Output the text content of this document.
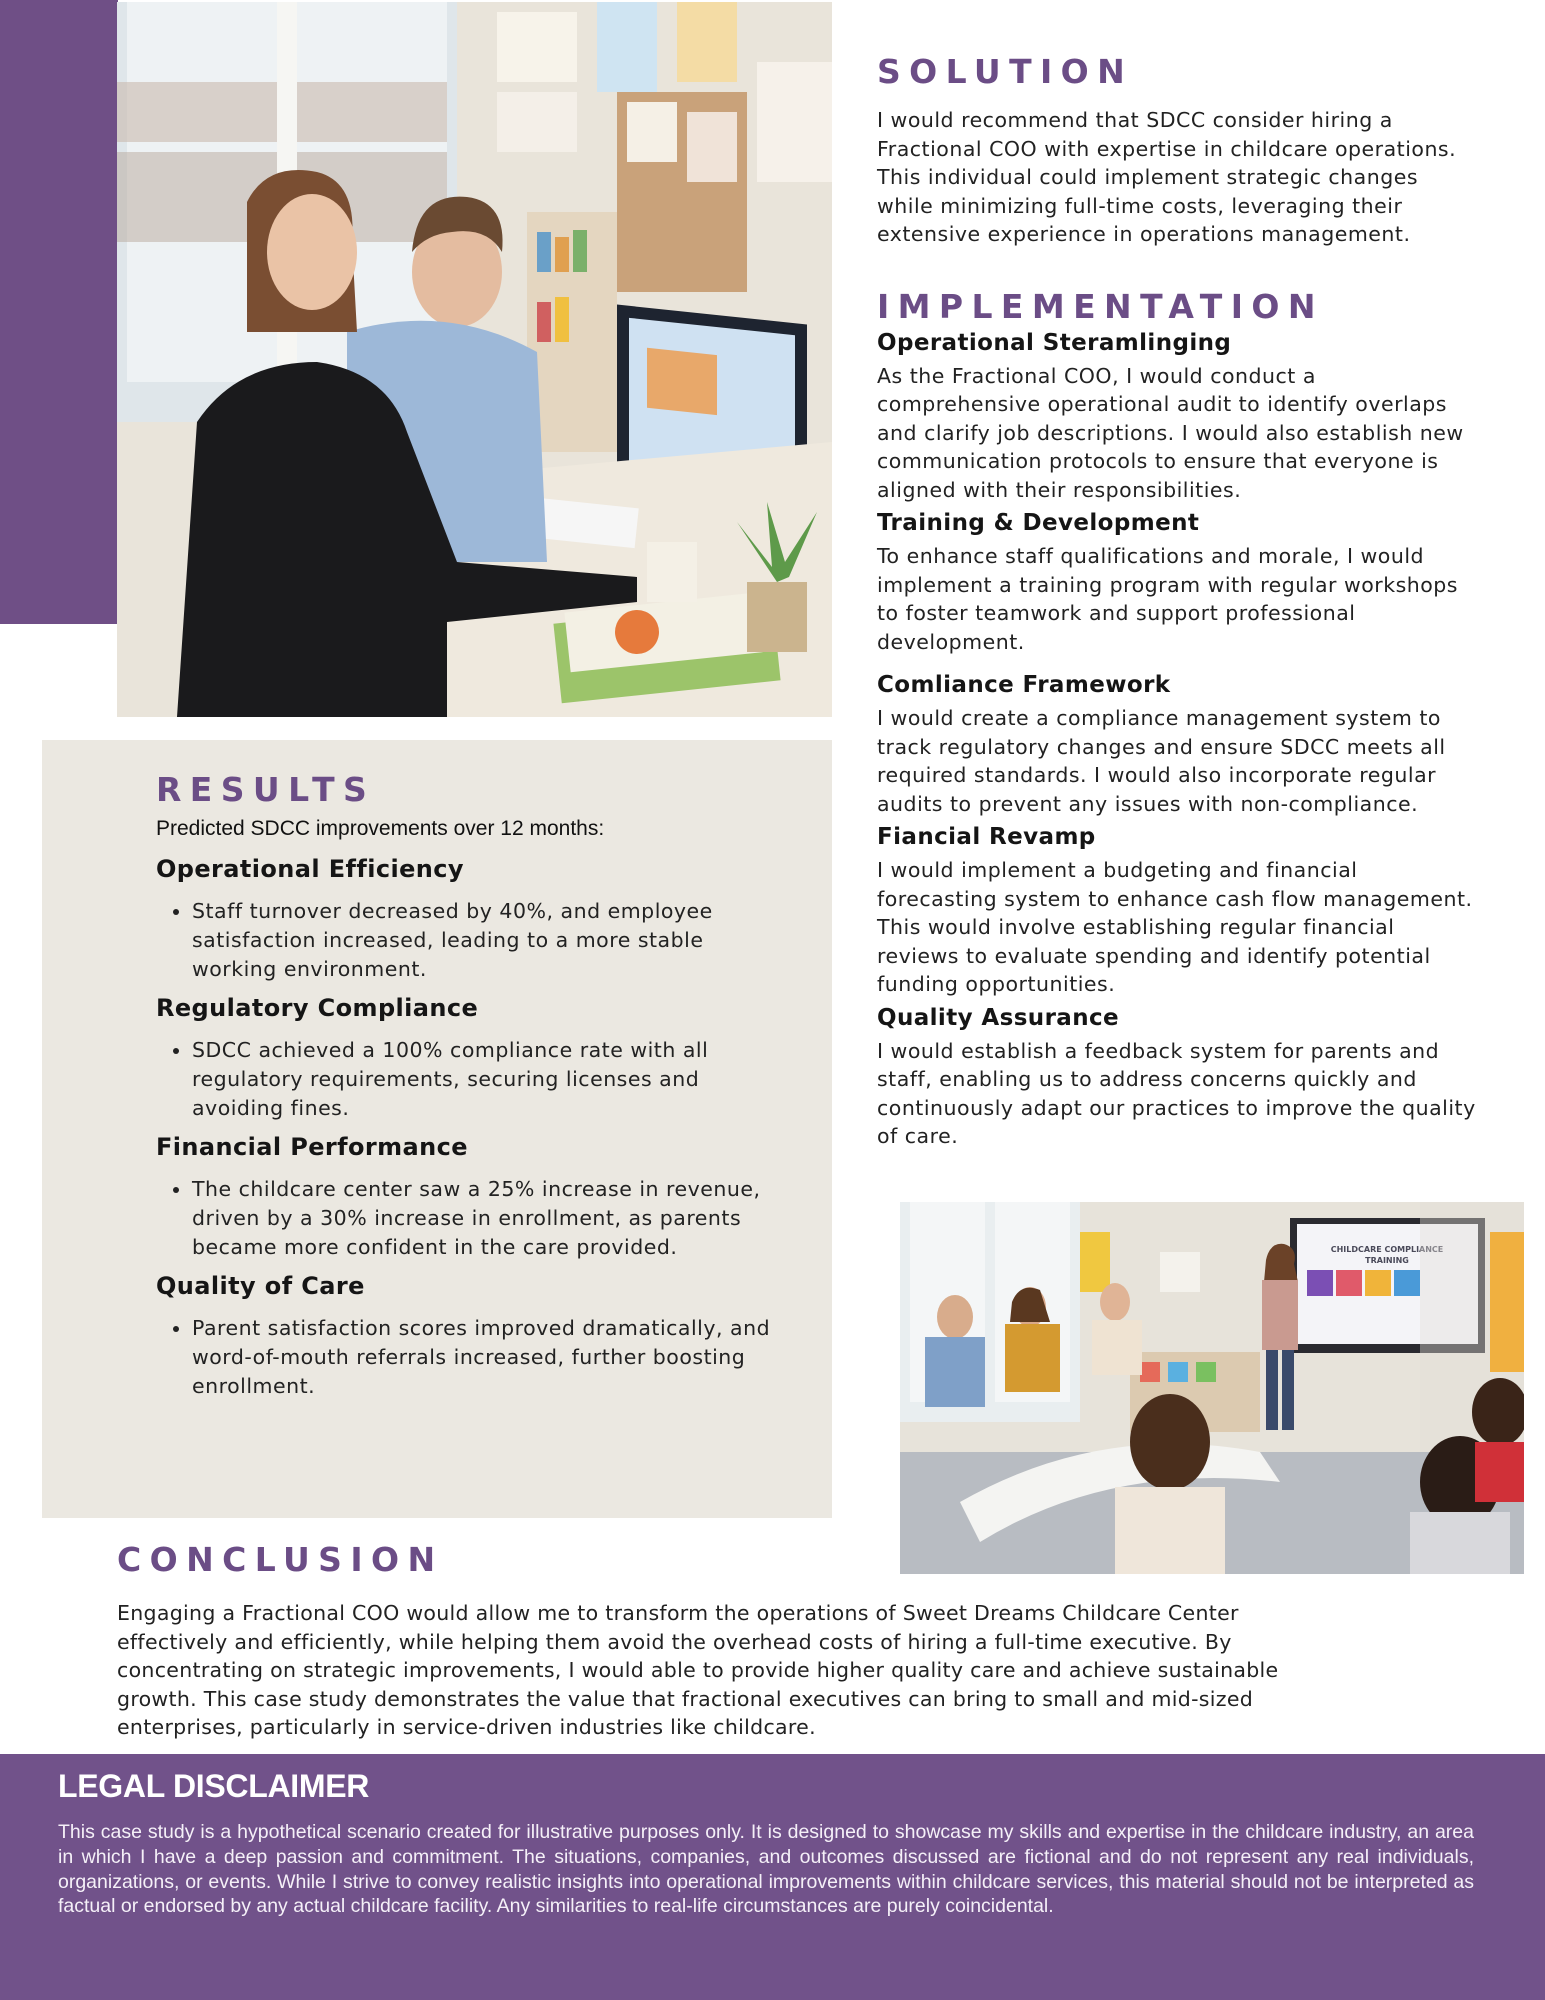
SOLUTION

I would recommend that SDCC consider hiring a Fractional COO with expertise in childcare operations. This individual could implement strategic changes while minimizing full-time costs, leveraging their extensive experience in operations management.

IMPLEMENTATION
Operational Steramlinging

As the Fractional COO, I would conduct a comprehensive operational audit to identify overlaps and clarify job descriptions. I would also establish new communication protocols to ensure that everyone is aligned with their responsibilities.

Training & Development

To enhance staff qualifications and morale, I would implement a training program with regular workshops to foster teamwork and support professional development.

Comliance Framework

I would create a compliance management system to track regulatory changes and ensure SDCC meets all required standards. I would also incorporate regular audits to prevent any issues with non-compliance.

Fiancial Revamp

I would implement a budgeting and financial forecasting system to enhance cash flow management. This would involve establishing regular financial reviews to evaluate spending and identify potential funding opportunities.

Quality Assurance

I would establish a feedback system for parents and staff, enabling us to address concerns quickly and continuously adapt our practices to improve the quality of care.

RESULTS

Predicted SDCC improvements over 12 months:

Operational Efficiency
• Staff turnover decreased by 40%, and employee satisfaction increased, leading to a more stable working environment.
Regulatory Compliance
• SDCC achieved a 100% compliance rate with all regulatory requirements, securing licenses and avoiding fines.
Financial Performance
• The childcare center saw a 25% increase in revenue, driven by a 30% increase in enrollment, as parents became more confident in the care provided.
Quality of Care
• Parent satisfaction scores improved dramatically, and word-of-mouth referrals increased, further boosting enrollment.
CHILDCARE COMPLIANCE
TRAINING
CONCLUSION

Engaging a Fractional COO would allow me to transform the operations of Sweet Dreams Childcare Center effectively and efficiently, while helping them avoid the overhead costs of hiring a full-time executive. By concentrating on strategic improvements, I would able to provide higher quality care and achieve sustainable growth. This case study demonstrates the value that fractional executives can bring to small and mid-sized enterprises, particularly in service-driven industries like childcare.

LEGAL DISCLAIMER

This case study is a hypothetical scenario created for illustrative purposes only. It is designed to showcase my skills and expertise in the childcare industry, an area in which I have a deep passion and commitment. The situations, companies, and outcomes discussed are fictional and do not represent any real individuals, organizations, or events. While I strive to convey realistic insights into operational improvements within childcare services, this material should not be interpreted as factual or endorsed by any actual childcare facility. Any similarities to real-life circumstances are purely coincidental.
